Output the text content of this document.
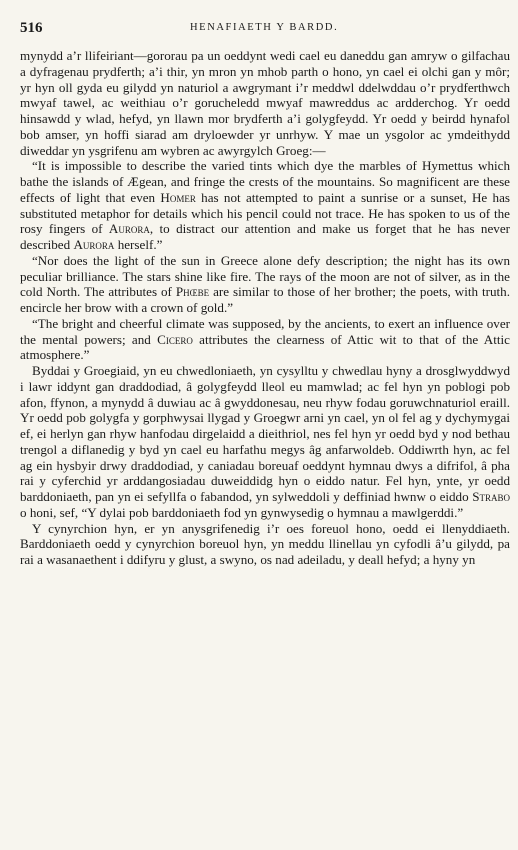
516	HENAFIAETH Y BARDD.

mynydd a’r llifeiriant—gororau pa un oeddynt wedi cael eu daneddu gan amryw o gilfachau a dyfragenau prydferth; a’i thir, yn mron yn mhob parth o hono, yn cael ei olchi gan y môr; yr hyn oll gyda eu gilydd yn naturiol a awgrymant i’r meddwl ddelwddau o’r prydferthwch mwyaf tawel, ac weithiau o’r gorucheledd mwyaf mawreddus ac ardderchog. Yr oedd hinsawdd y wlad, hefyd, yn llawn mor brydferth a’i golygfeydd. Yr oedd y beirdd hynafol bob amser, yn hoffi siarad am dryloewder yr unrhyw. Y mae un ysgolor ac ymdeithydd diweddar yn ysgrifenu am wybren ac awyrgylch Groeg:—

“It is impossible to describe the varied tints which dye the marbles of Hymettus which bathe the islands of Ægean, and fringe the crests of the mountains. So magnificent are these effects of light that even Homer has not attempted to paint a sunrise or a sunset, He has substituted metaphor for details which his pencil could not trace. He has spoken to us of the rosy fingers of Aurora, to distract our attention and make us forget that he has never described Aurora herself.”

“Nor does the light of the sun in Greece alone defy description; the night has its own peculiar brilliance. The stars shine like fire. The rays of the moon are not of silver, as in the cold North. The attributes of Phœbe are similar to those of her brother; the poets, with truth. encircle her brow with a crown of gold.”

“The bright and cheerful climate was supposed, by the ancients, to exert an influence over the mental powers; and Cicero attributes the clearness of Attic wit to that of the Attic atmosphere.”

Byddai y Groegiaid, yn eu chwedloniaeth, yn cysylltu y chwedlau hyny a drosglwyddwyd i lawr iddynt gan draddodiad, â golygfeydd lleol eu mamwlad; ac fel hyn yn poblogi pob afon, ffynon, a mynydd â duwiau ac â gwyddonesau, neu rhyw fodau goruwchnaturiol eraill. Yr oedd pob golygfa y gorphwysai llygad y Groegwr arni yn cael, yn ol fel ag y dychymygai ef, ei herlyn gan rhyw hanfodau dirgelaidd a dieithriol, nes fel hyn yr oedd byd y nod bethau trengol a diflanedig y byd yn cael eu harfathu megys âg anfarwoldeb. Oddiwrth hyn, ac fel ag ein hysbyir drwy draddodiad, y caniadau boreuaf oeddynt hymnau dwys a difrifol, â pha rai y cyferchid yr arddangosiadau duweiddidg hyn o eiddo natur. Fel hyn, ynte, yr oedd barddoniaeth, pan yn ei sefyllfa o fabandod, yn sylweddoli y deffiniad hwnw o eiddo Strabo o honi, sef, “Y dylai pob barddoniaeth fod yn gynwysedig o hymnau a mawlgerddi.”

Y cynyrchion hyn, er yn anysgrifenedig i’r oes foreuol hono, oedd ei llenyddiaeth. Barddoniaeth oedd y cynyrchion boreuol hyn, yn meddu llinellau yn cyfodli â’u gilydd, pa rai a wasanaethent i ddifyru y glust, a swyno, os nad adeiladu, y deall hefyd; a hyny yn
